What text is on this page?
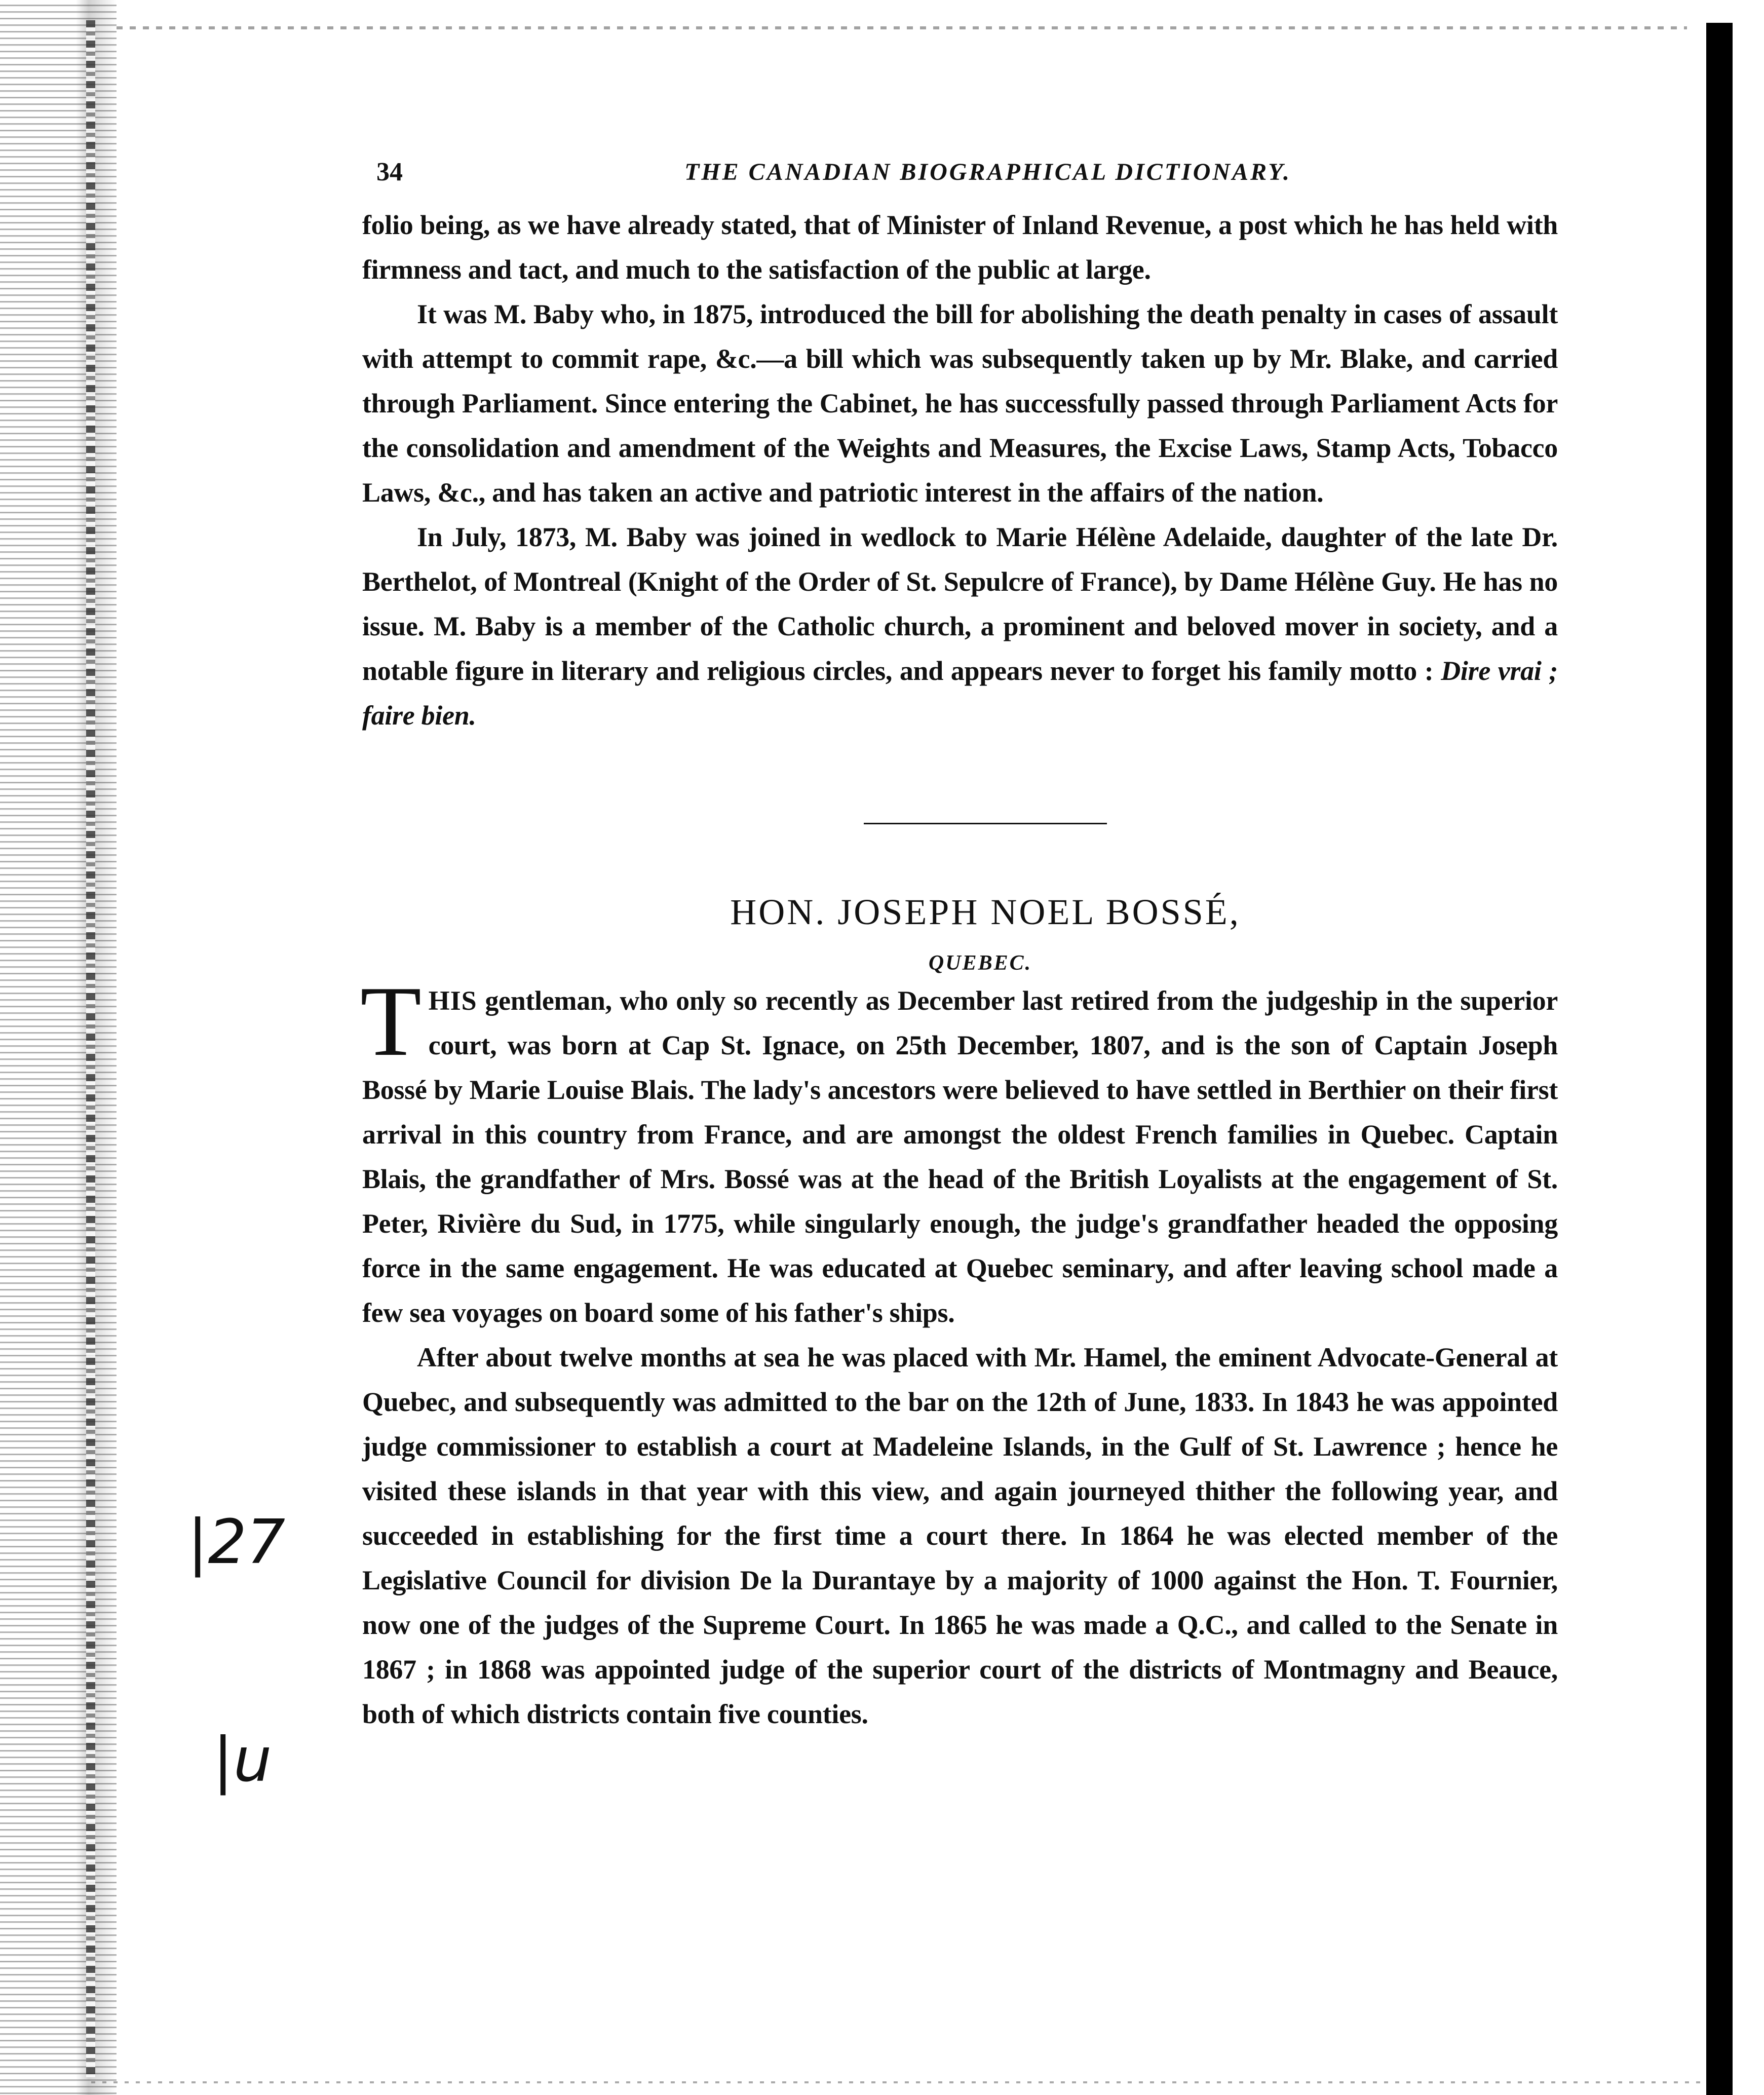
|27
|u
34	THE CANADIAN BIOGRAPHICAL DICTIONARY.

folio being, as we have already stated, that of Minister of Inland Revenue, a post which he has held with firmness and tact, and much to the satisfaction of the public at large.

It was M. Baby who, in 1875, introduced the bill for abolishing the death penalty in cases of assault with attempt to commit rape, &c.—a bill which was subsequently taken up by Mr. Blake, and carried through Parliament. Since entering the Cabinet, he has successfully passed through Parliament Acts for the consolidation and amendment of the Weights and Measures, the Excise Laws, Stamp Acts, Tobacco Laws, &c., and has taken an active and patriotic interest in the affairs of the nation.

In July, 1873, M. Baby was joined in wedlock to Marie Hélène Adelaide, daughter of the late Dr. Berthelot, of Montreal (Knight of the Order of St. Sepulcre of France), by Dame Hélène Guy. He has no issue. M. Baby is a member of the Catholic church, a prominent and beloved mover in society, and a notable figure in literary and religious circles, and appears never to forget his family motto : Dire vrai ; faire bien.

HON. JOSEPH NOEL BOSSÉ,
QUEBEC.

THIS gentleman, who only so recently as December last retired from the judgeship in the superior court, was born at Cap St. Ignace, on 25th December, 1807, and is the son of Captain Joseph Bossé by Marie Louise Blais. The lady's ancestors were believed to have settled in Berthier on their first arrival in this country from France, and are amongst the oldest French families in Quebec. Captain Blais, the grandfather of Mrs. Bossé was at the head of the British Loyalists at the engagement of St. Peter, Rivière du Sud, in 1775, while singularly enough, the judge's grandfather headed the opposing force in the same engagement. He was educated at Quebec seminary, and after leaving school made a few sea voyages on board some of his father's ships.

After about twelve months at sea he was placed with Mr. Hamel, the eminent Advocate-General at Quebec, and subsequently was admitted to the bar on the 12th of June, 1833. In 1843 he was appointed judge commissioner to establish a court at Madeleine Islands, in the Gulf of St. Lawrence ; hence he visited these islands in that year with this view, and again journeyed thither the following year, and succeeded in establishing for the first time a court there. In 1864 he was elected member of the Legislative Council for division De la Durantaye by a majority of 1000 against the Hon. T. Fournier, now one of the judges of the Supreme Court. In 1865 he was made a Q.C., and called to the Senate in 1867 ; in 1868 was appointed judge of the superior court of the districts of Montmagny and Beauce, both of which districts contain five counties.
